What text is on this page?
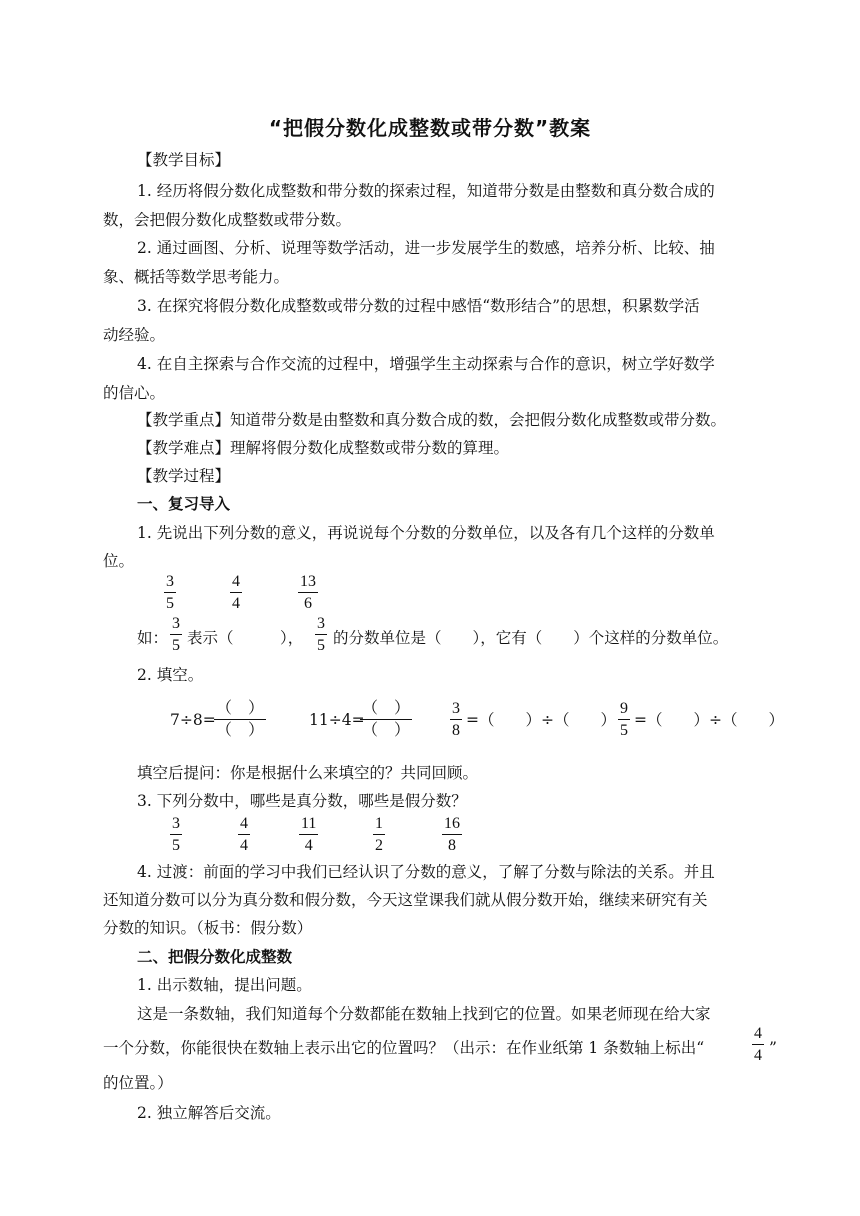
“把假分数化成整数或带分数”教案
【教学目标】
1. 经历将假分数化成整数和带分数的探索过程，知道带分数是由整数和真分数合成的
数，会把假分数化成整数或带分数。
2. 通过画图、分析、说理等数学活动，进一步发展学生的数感，培养分析、比较、抽
象、概括等数学思考能力。
3. 在探究将假分数化成整数或带分数的过程中感悟“数形结合”的思想，积累数学活
动经验。
4. 在自主探索与合作交流的过程中，增强学生主动探索与合作的意识，树立学好数学
的信心。
【教学重点】知道带分数是由整数和真分数合成的数，会把假分数化成整数或带分数。
【教学难点】理解将假分数化成整数或带分数的算理。
【教学过程】
一、复习导入
1. 先说出下列分数的意义，再说说每个分数的分数单位，以及各有几个这样的分数单
位。
3
5
4
4
13
6
如：
3
5 表示（　　　），
3
5 的分数单位是（　　），它有（　　）个这样的分数单位。
2. 填空。
7÷8=
（　）
（　）
11÷4=
（　）
（　）
3
8
=（　　）÷（　　）
9
5
=（　　）÷（　　）
填空后提问：你是根据什么来填空的？共同回顾。
3. 下列分数中，哪些是真分数，哪些是假分数？
3
5
4
4
11
4
1
2
16
8
4. 过渡：前面的学习中我们已经认识了分数的意义，了解了分数与除法的关系。并且
还知道分数可以分为真分数和假分数，今天这堂课我们就从假分数开始，继续来研究有关
分数的知识。（板书：假分数）
二、把假分数化成整数
1. 出示数轴，提出问题。
这是一条数轴，我们知道每个分数都能在数轴上找到它的位置。如果老师现在给大家
一个分数，你能很快在数轴上表示出它的位置吗？（出示：在作业纸第 1 条数轴上标出“
4
4 ”
的位置。）
2. 独立解答后交流。
